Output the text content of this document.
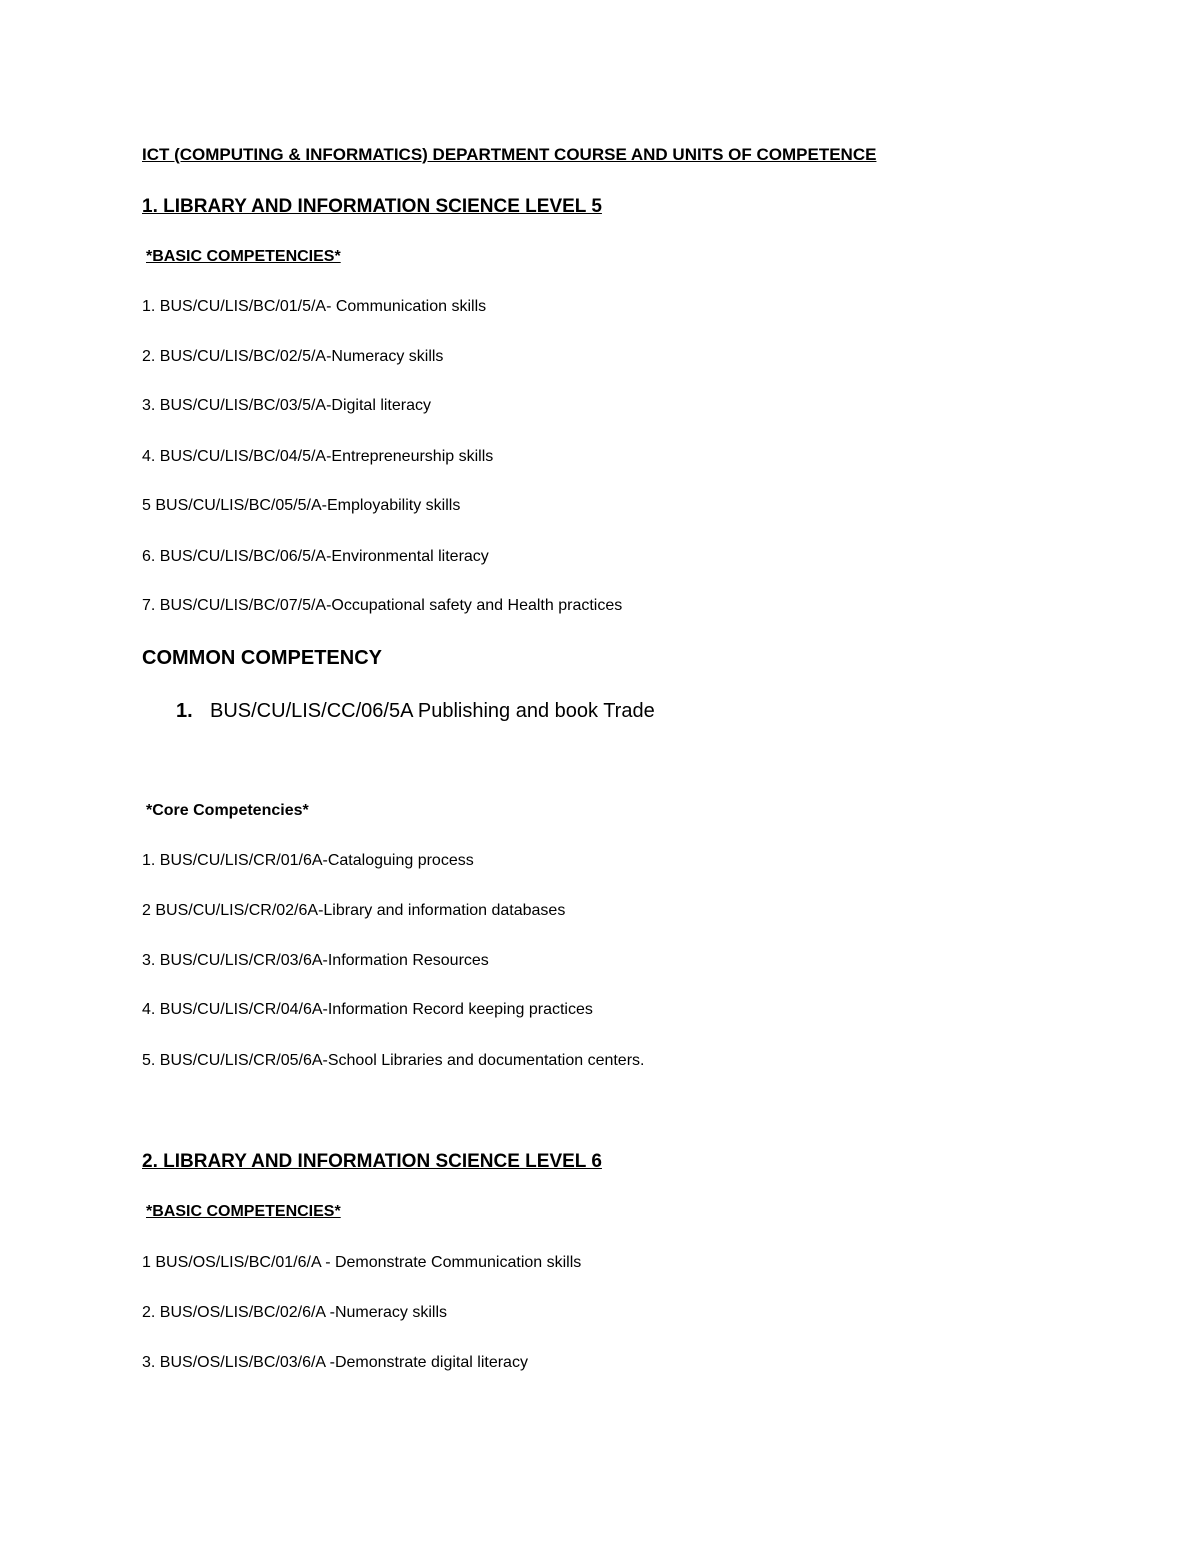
ICT (COMPUTING & INFORMATICS) DEPARTMENT COURSE AND UNITS OF COMPETENCE
1. LIBRARY AND INFORMATION SCIENCE LEVEL 5
*BASIC COMPETENCIES*
1. BUS/CU/LIS/BC/01/5/A- Communication skills
2. BUS/CU/LIS/BC/02/5/A-Numeracy skills
3. BUS/CU/LIS/BC/03/5/A-Digital literacy
4. BUS/CU/LIS/BC/04/5/A-Entrepreneurship skills
5 BUS/CU/LIS/BC/05/5/A-Employability skills
6. BUS/CU/LIS/BC/06/5/A-Environmental literacy
7. BUS/CU/LIS/BC/07/5/A-Occupational safety and Health practices
COMMON COMPETENCY
1. BUS/CU/LIS/CC/06/5A Publishing and book Trade
*Core Competencies*
1. BUS/CU/LIS/CR/01/6A-Cataloguing process
2 BUS/CU/LIS/CR/02/6A-Library and information databases
3. BUS/CU/LIS/CR/03/6A-Information Resources
4. BUS/CU/LIS/CR/04/6A-Information Record keeping practices
5. BUS/CU/LIS/CR/05/6A-School Libraries and documentation centers.
2. LIBRARY AND INFORMATION SCIENCE LEVEL 6
*BASIC COMPETENCIES*
1 BUS/OS/LIS/BC/01/6/A - Demonstrate Communication skills
2. BUS/OS/LIS/BC/02/6/A -Numeracy skills
3. BUS/OS/LIS/BC/03/6/A -Demonstrate digital literacy
